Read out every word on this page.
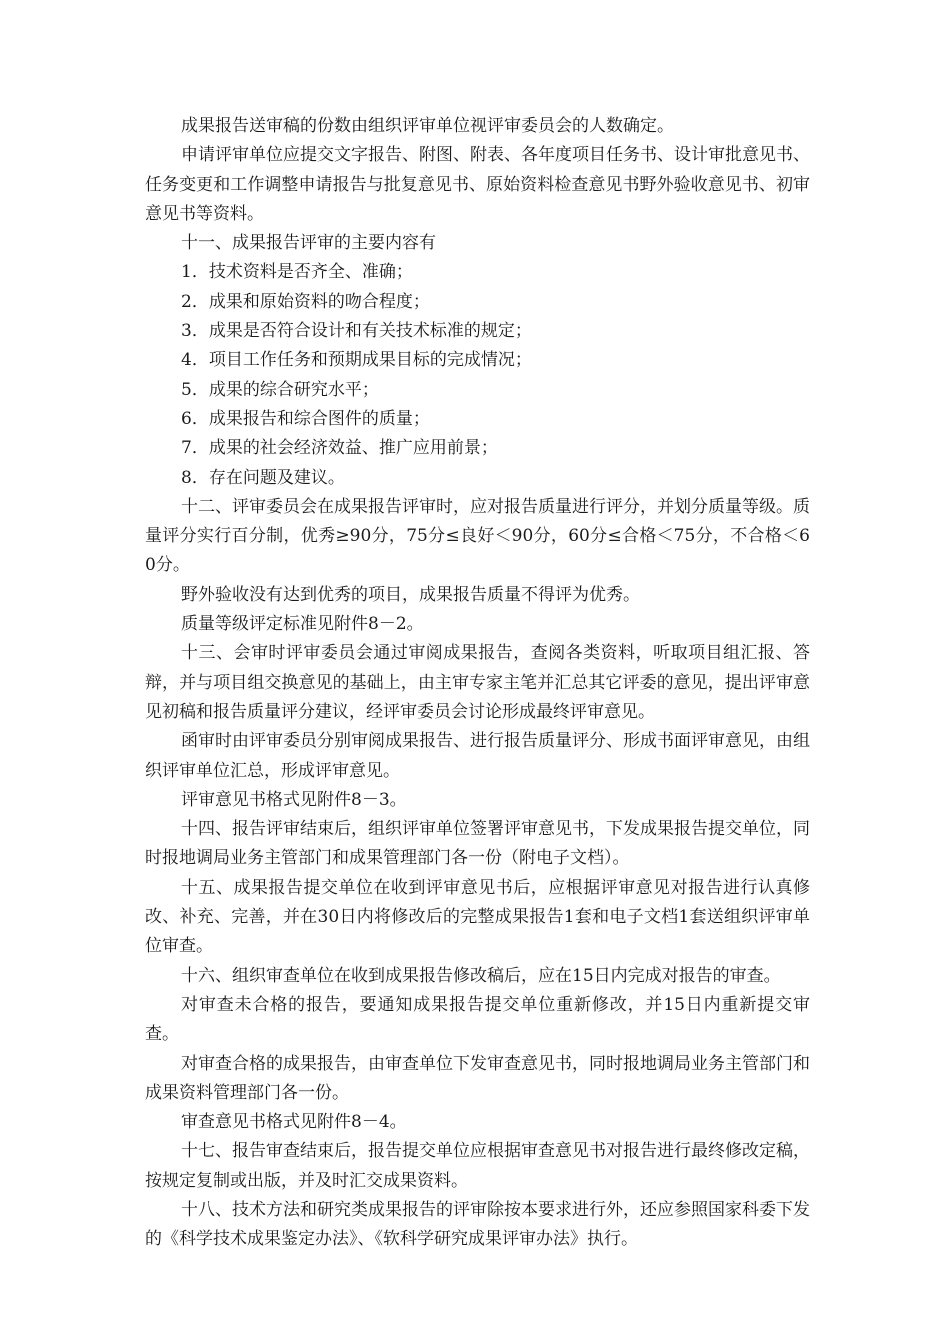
成果报告送审稿的份数由组织评审单位视评审委员会的人数确定。

申请评审单位应提交文字报告、附图、附表、各年度项目任务书、设计审批意见书、任务变更和工作调整申请报告与批复意见书、原始资料检查意见书野外验收意见书、初审意见书等资料。

十一、成果报告评审的主要内容有

1．技术资料是否齐全、准确；

2．成果和原始资料的吻合程度；

3．成果是否符合设计和有关技术标准的规定；

4．项目工作任务和预期成果目标的完成情况；

5．成果的综合研究水平；

6．成果报告和综合图件的质量；

7．成果的社会经济效益、推广应用前景；

8．存在问题及建议。

十二、评审委员会在成果报告评审时，应对报告质量进行评分，并划分质量等级。质量评分实行百分制，优秀≥90分，75分≤良好＜90分，60分≤合格＜75分，不合格＜60分。

野外验收没有达到优秀的项目，成果报告质量不得评为优秀。

质量等级评定标准见附件8－2。

十三、会审时评审委员会通过审阅成果报告，查阅各类资料，听取项目组汇报、答辩，并与项目组交换意见的基础上，由主审专家主笔并汇总其它评委的意见，提出评审意见初稿和报告质量评分建议，经评审委员会讨论形成最终评审意见。

函审时由评审委员分别审阅成果报告、进行报告质量评分、形成书面评审意见，由组织评审单位汇总，形成评审意见。

评审意见书格式见附件8－3。

十四、报告评审结束后，组织评审单位签署评审意见书，下发成果报告提交单位，同时报地调局业务主管部门和成果管理部门各一份（附电子文档）。

十五、成果报告提交单位在收到评审意见书后，应根据评审意见对报告进行认真修改、补充、完善，并在30日内将修改后的完整成果报告1套和电子文档1套送组织评审单位审查。

十六、组织审查单位在收到成果报告修改稿后，应在15日内完成对报告的审查。

对审查未合格的报告，要通知成果报告提交单位重新修改，并15日内重新提交审查。

对审查合格的成果报告，由审查单位下发审查意见书，同时报地调局业务主管部门和成果资料管理部门各一份。

审查意见书格式见附件8－4。

十七、报告审查结束后，报告提交单位应根据审查意见书对报告进行最终修改定稿，按规定复制或出版，并及时汇交成果资料。

十八、技术方法和研究类成果报告的评审除按本要求进行外，还应参照国家科委下发的《科学技术成果鉴定办法》、《软科学研究成果评审办法》执行。
